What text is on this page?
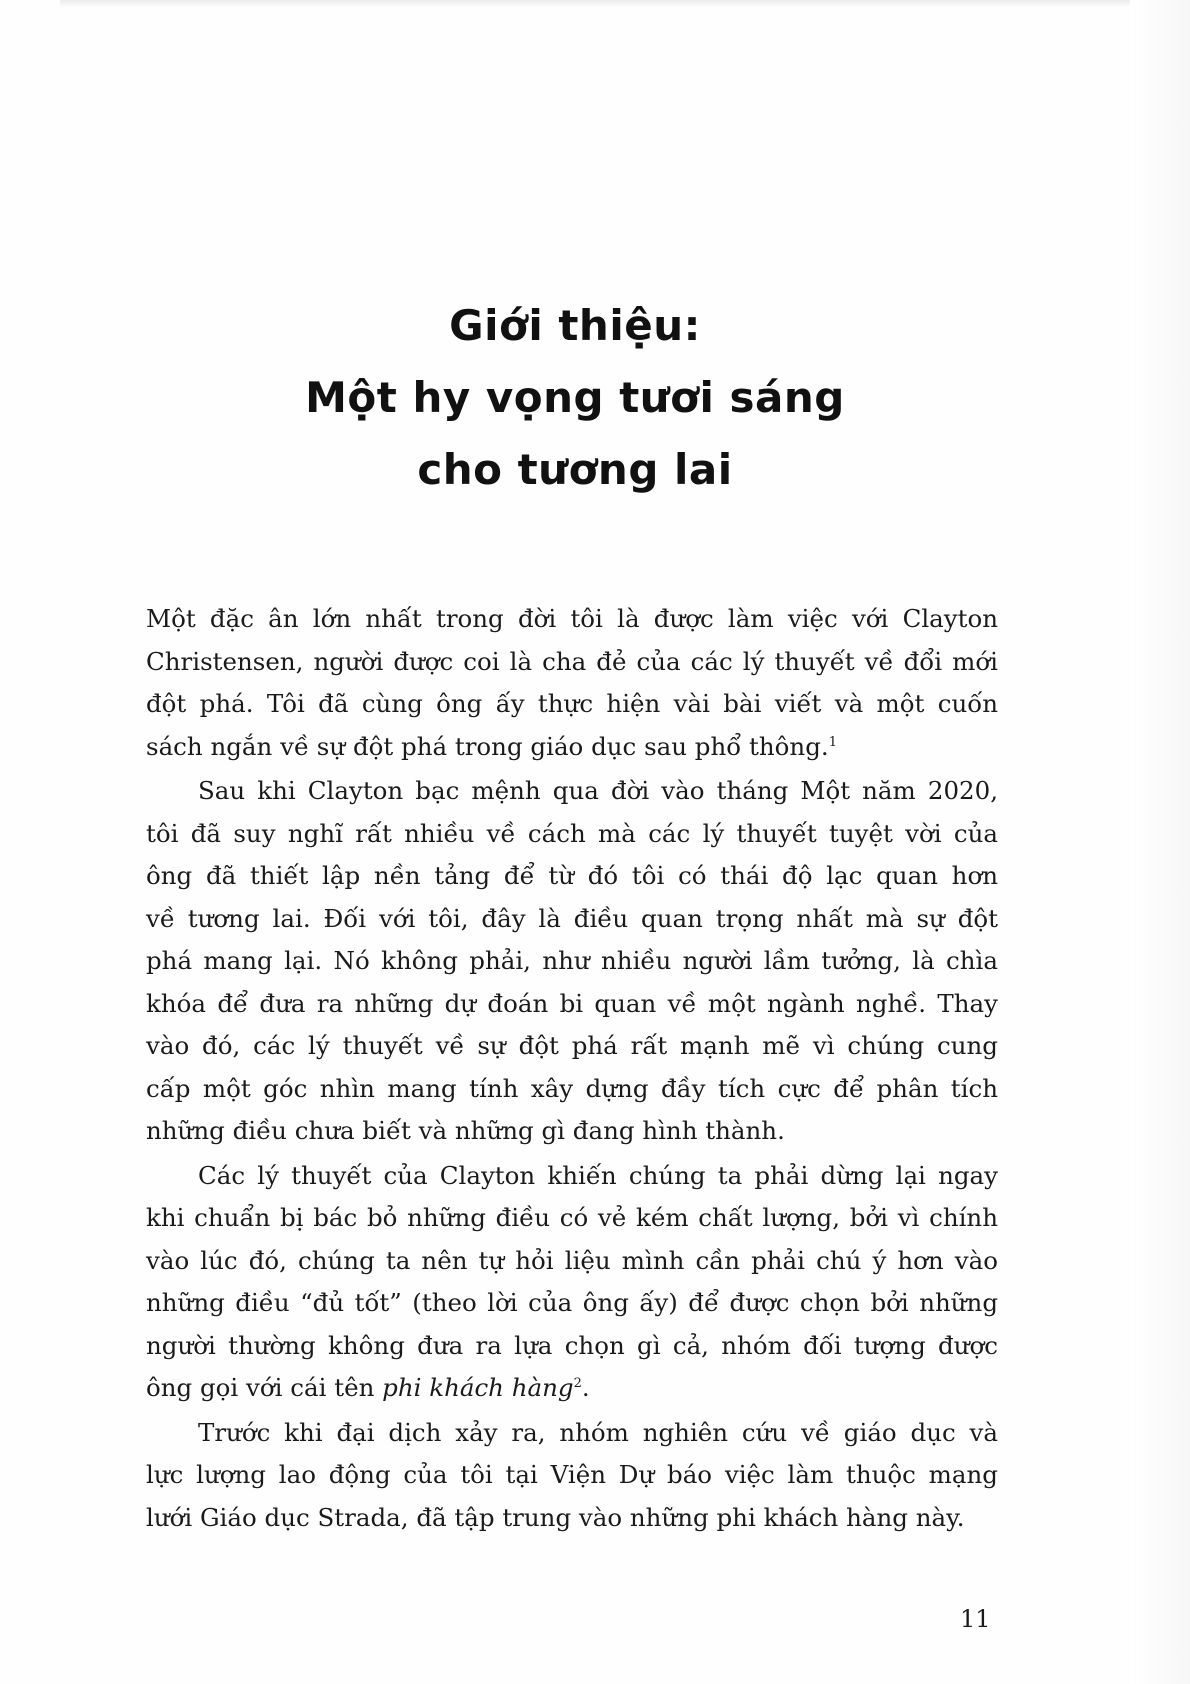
Giới thiệu:
Một hy vọng tươi sáng
cho tương lai

Một đặc ân lớn nhất trong đời tôi là được làm việc với Clayton
Christensen, người được coi là cha đẻ của các lý thuyết về đổi mới
đột phá. Tôi đã cùng ông ấy thực hiện vài bài viết và một cuốn
sách ngắn về sự đột phá trong giáo dục sau phổ thông.$^1$

Sau khi Clayton bạc mệnh qua đời vào tháng Một năm 2020,
tôi đã suy nghĩ rất nhiều về cách mà các lý thuyết tuyệt vời của
ông đã thiết lập nền tảng để từ đó tôi có thái độ lạc quan hơn
về tương lai. Đối với tôi, đây là điều quan trọng nhất mà sự đột
phá mang lại. Nó không phải, như nhiều người lầm tưởng, là chìa
khóa để đưa ra những dự đoán bi quan về một ngành nghề. Thay
vào đó, các lý thuyết về sự đột phá rất mạnh mẽ vì chúng cung
cấp một góc nhìn mang tính xây dựng đầy tích cực để phân tích
những điều chưa biết và những gì đang hình thành.

Các lý thuyết của Clayton khiến chúng ta phải dừng lại ngay
khi chuẩn bị bác bỏ những điều có vẻ kém chất lượng, bởi vì chính
vào lúc đó, chúng ta nên tự hỏi liệu mình cần phải chú ý hơn vào
những điều “đủ tốt” (theo lời của ông ấy) để được chọn bởi những
người thường không đưa ra lựa chọn gì cả, nhóm đối tượng được
ông gọi với cái tên phi khách hàng$^2$.

Trước khi đại dịch xảy ra, nhóm nghiên cứu về giáo dục và
lực lượng lao động của tôi tại Viện Dự báo việc làm thuộc mạng
lưới Giáo dục Strada, đã tập trung vào những phi khách hàng này.

11
